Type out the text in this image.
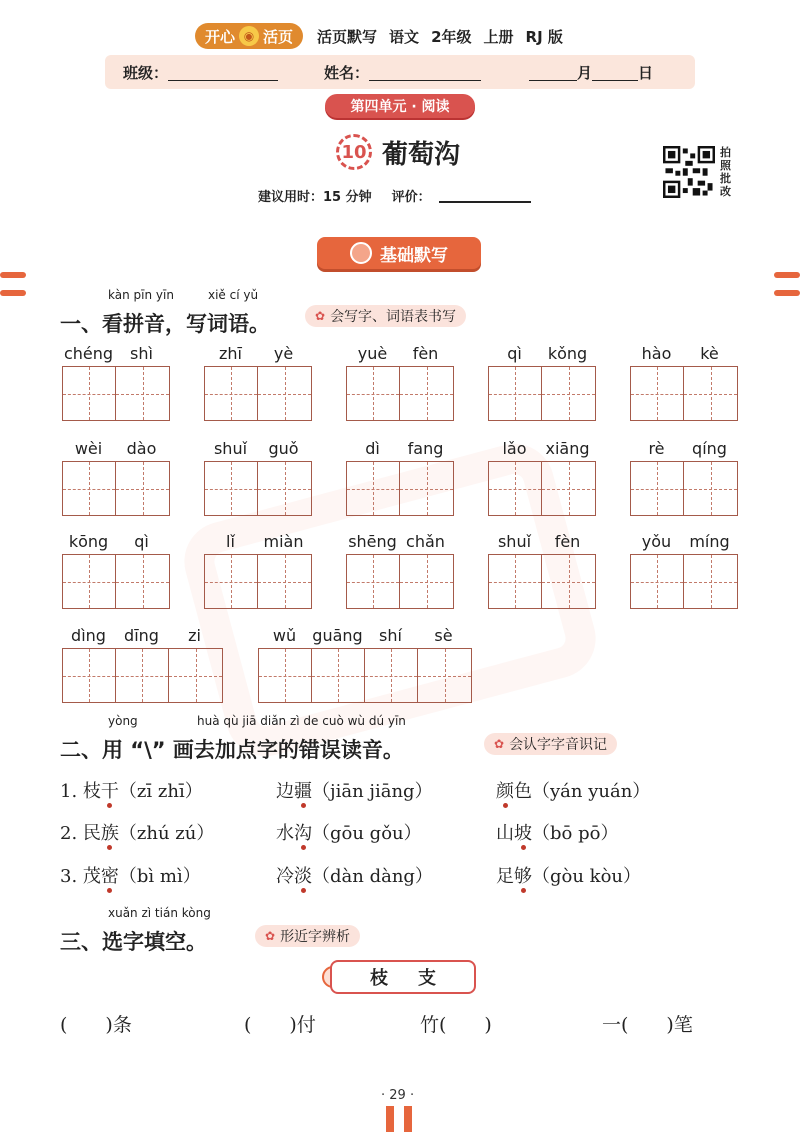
开心 ◉ 活页 活页默写 语文 2年级 上册 RJ 版
班级：	姓名：	月	日
第四单元 · 阅读
10 葡萄沟	拍照批改
建议用时：15 分钟 评价：
基础默写
kàn pīn yīn	xiě cí yǔ
一、看拼音，写词语。	✿ 会写字、词语表书写
chéng	shì	zhī	yè	yuè	fèn	qì	kǒng	hào	kè
wèi	dào	shuǐ	guǒ	dì	fang	lǎo	xiāng	rè	qíng
kōng	qì	lǐ	miàn	shēng chǎn	shuǐ	fèn	yǒu	míng
dìng	dīng	zi	wǔ	guāng	shí	sè
yòng	huà qù jiā diǎn zì de cuò wù dú yīn
二、用 “\” 画去加点字的错误读音。	✿ 会认字字音识记
1. 枝干（zī zhī）	边疆（jiān jiāng）	颜色（yán yuán）
2. 民族（zhú zú）	水沟（gōu gǒu）	山坡（bō pō）
3. 茂密（bì mì）	冷淡（dàn dàng）	足够（gòu kòu）
xuǎn zì tián kòng
三、选字填空。	✿ 形近字辨析
枝 支
(　　)条	(　　)付	竹(　　)	一(　　)笔
· 29 ·
